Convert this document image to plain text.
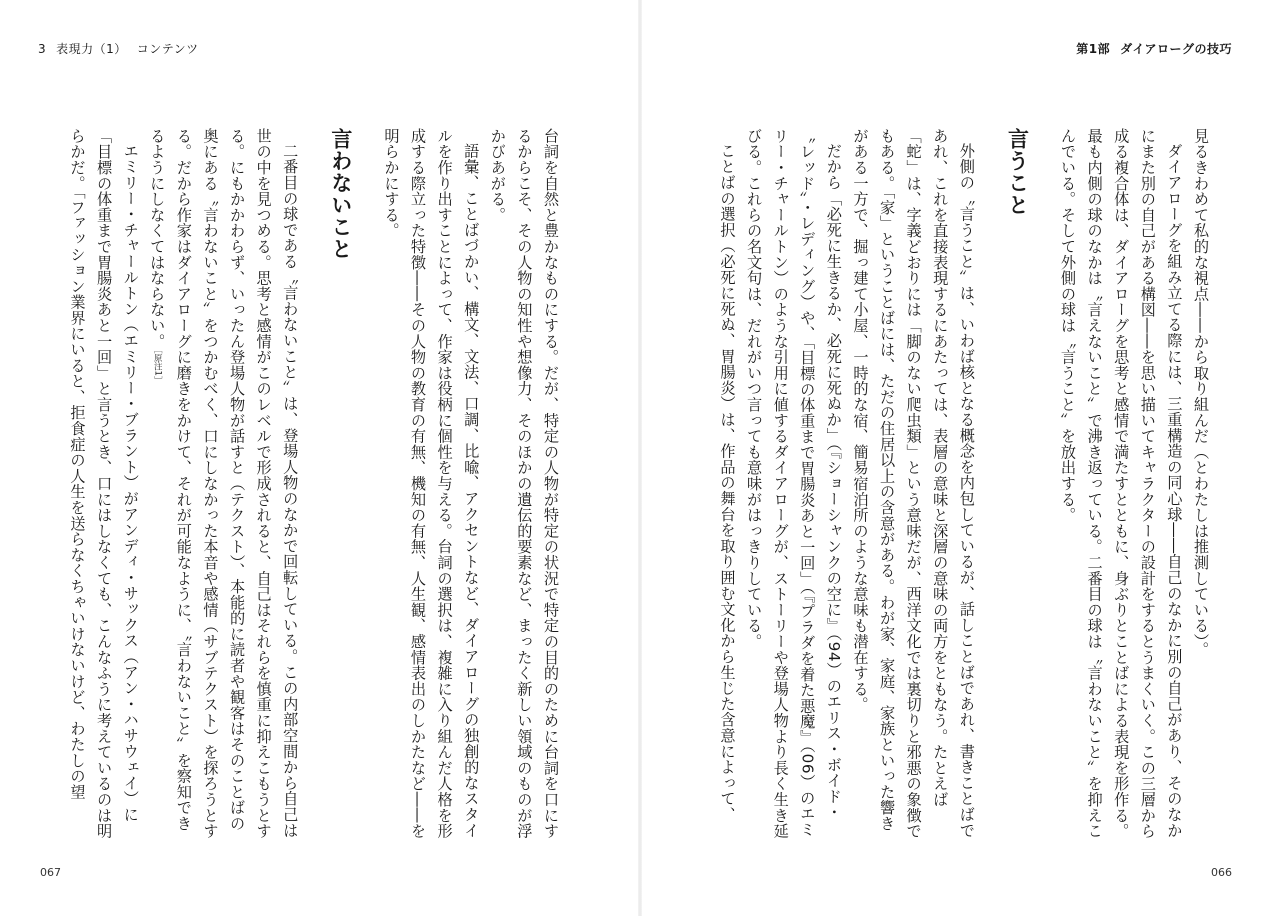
3 表現力（1） コンテンツ	第1部 ダイアローグの技巧

見るきわめて私的な視点――から取り組んだ（とわたしは推測している）。

ダイアローグを組み立てる際には、三重構造の同心球――自己のなかに別の自己があり、そのなかにまた別の自己がある構図――を思い描いてキャラクターの設計をするとうまくいく。この三層から成る複合体は、ダイアローグを思考と感情で満たすとともに、身ぶりとことばによる表現を形作る。最も内側の球のなかは〝言えないこと〟で沸き返っている。二番目の球は〝言わないこと〟を抑えこんでいる。そして外側の球は〝言うこと〟を放出する。

言うこと

外側の〝言うこと〟は、いわば核となる概念を内包しているが、話しことばであれ、書きことばであれ、これを直接表現するにあたっては、表層の意味と深層の意味の両方をともなう。たとえば「蛇」は、字義どおりには「脚のない爬虫類」という意味だが、西洋文化では裏切りと邪悪の象徴でもある。「家」ということばには、ただの住居以上の含意がある。わが家、家庭、家族といった響きがある一方で、掘っ建て小屋、一時的な宿、簡易宿泊所のような意味も潜在する。

だから「必死に生きるか、必死に死ぬか」（『ショーシャンクの空に』（94）のエリス・ボイド・〝レッド〟・レディング）や、「目標の体重まで胃腸炎あと一回」（『プラダを着た悪魔』（06）のエミリー・チャールトン）のような引用に値するダイアローグが、ストーリーや登場人物より長く生き延びる。これらの名文句は、だれがいつ言っても意味がはっきりしている。

ことばの選択（必死に死ぬ、胃腸炎）は、作品の舞台を取り囲む文化から生じた含意によって、

台詞を自然と豊かなものにする。だが、特定の人物が特定の状況で特定の目的のために台詞を口にするからこそ、その人物の知性や想像力、そのほかの遺伝的要素など、まったく新しい領域のものが浮かびあがる。

語彙、ことばづかい、構文、文法、口調、比喩、アクセントなど、ダイアローグの独創的なスタイルを作り出すことによって、作家は役柄に個性を与える。台詞の選択は、複雑に入り組んだ人格を形成する際立った特徴――その人物の教育の有無、機知の有無、人生観、感情表出のしかたなど――を明らかにする。

言わないこと

二番目の球である〝言わないこと〟は、登場人物のなかで回転している。この内部空間から自己は世の中を見つめる。思考と感情がこのレベルで形成されると、自己はそれらを慎重に抑えこもうとする。にもかかわらず、いったん登場人物が話すと（テクスト）、本能的に読者や観客はそのことばの奥にある〝言わないこと〟をつかむべく、口にしなかった本音や感情（サブテクスト）を探ろうとする。だから作家はダイアローグに磨きをかけて、それが可能なように、〝言わないこと〟を察知できるようにしなくてはならない。［原注1］

エミリー・チャールトン（エミリー・ブラント）がアンディ・サックス（アン・ハサウェイ）に「目標の体重まで胃腸炎あと一回」と言うとき、口にはしなくても、こんなふうに考えているのは明らかだ。「ファッション業界にいると、拒食症の人生を送らなくちゃいけないけど、わたしの望

067	066
